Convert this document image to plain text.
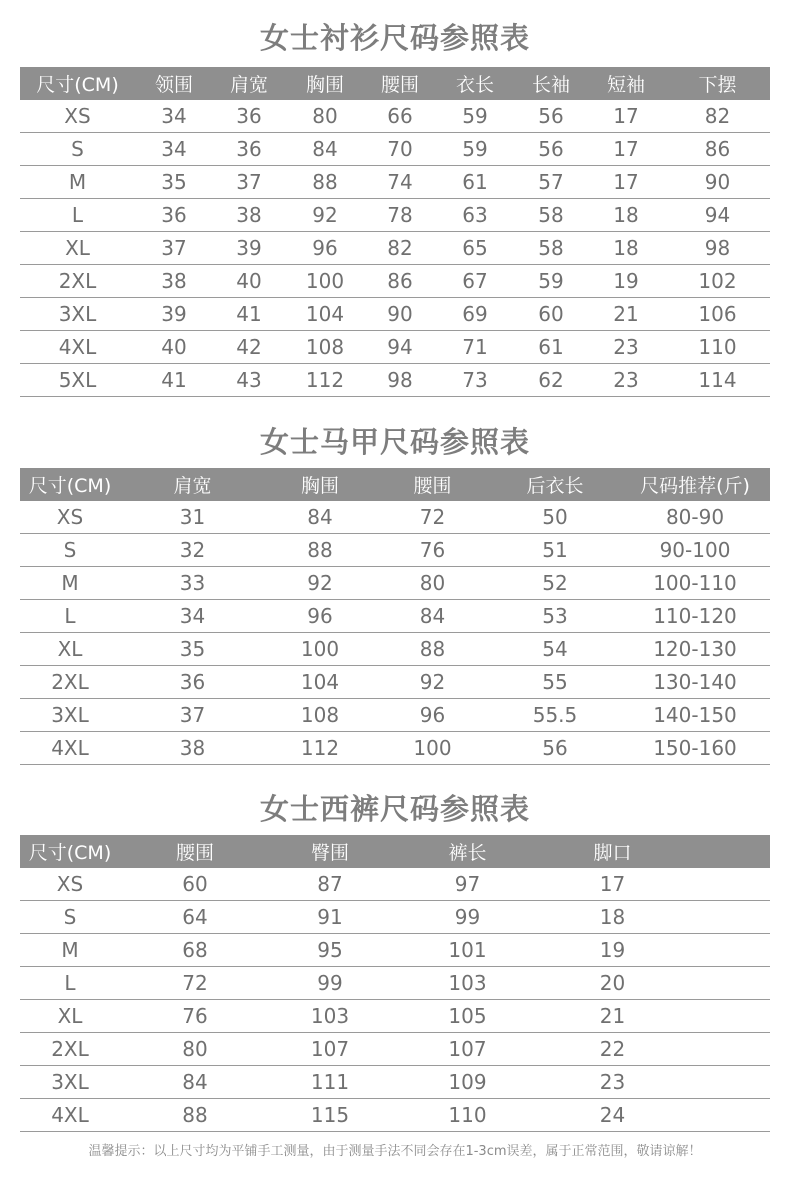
女士衬衫尺码参照表
尺寸(CM)	领围	肩宽	胸围	腰围	衣长	长袖	短袖	下摆
XS	34	36	80	66	59	56	17	82
S	34	36	84	70	59	56	17	86
M	35	37	88	74	61	57	17	90
L	36	38	92	78	63	58	18	94
XL	37	39	96	82	65	58	18	98
2XL	38	40	100	86	67	59	19	102
3XL	39	41	104	90	69	60	21	106
4XL	40	42	108	94	71	61	23	110
5XL	41	43	112	98	73	62	23	114
女士马甲尺码参照表
尺寸(CM)	肩宽	胸围	腰围	后衣长	尺码推荐(斤)
XS	31	84	72	50	80-90
S	32	88	76	51	90-100
M	33	92	80	52	100-110
L	34	96	84	53	110-120
XL	35	100	88	54	120-130
2XL	36	104	92	55	130-140
3XL	37	108	96	55.5	140-150
4XL	38	112	100	56	150-160
女士西裤尺码参照表
尺寸(CM)	腰围	臀围	裤长	脚口	
XS	60	87	97	17	
S	64	91	99	18	
M	68	95	101	19	
L	72	99	103	20	
XL	76	103	105	21	
2XL	80	107	107	22	
3XL	84	111	109	23	
4XL	88	115	110	24	
温馨提示：以上尺寸均为平铺手工测量，由于测量手法不同会存在1-3cm误差，属于正常范围，敬请谅解！
